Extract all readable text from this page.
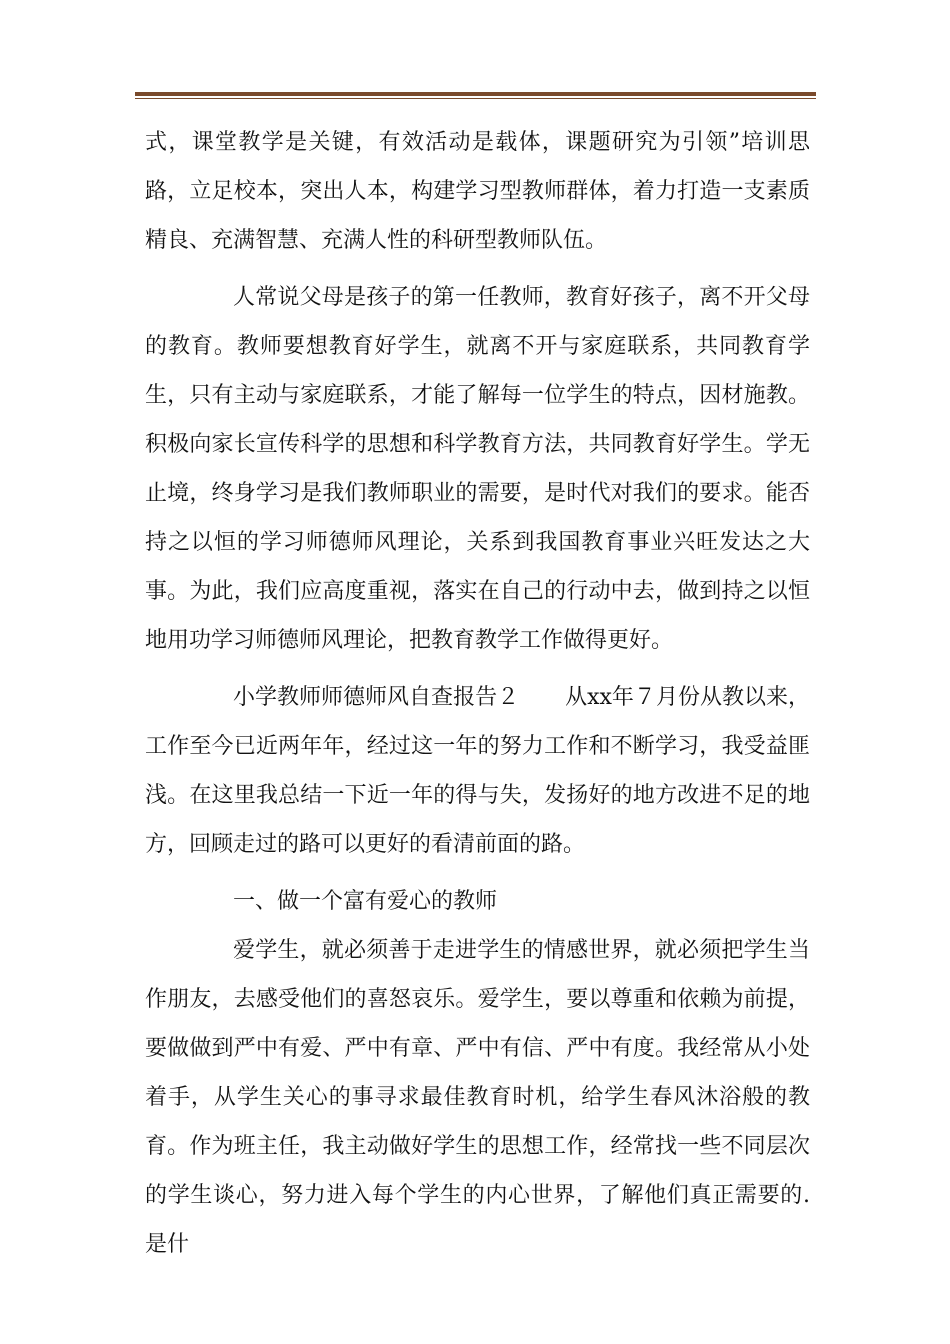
式，课堂教学是关键，有效活动是载体，课题研究为引领”培训思路，立足校本，突出人本，构建学习型教师群体，着力打造一支素质精良、充满智慧、充满人性的科研型教师队伍。

人常说父母是孩子的第一任教师，教育好孩子，离不开父母的教育。教师要想教育好学生，就离不开与家庭联系，共同教育学生，只有主动与家庭联系，才能了解每一位学生的特点，因材施教。积极向家长宣传科学的思想和科学教育方法，共同教育好学生。学无止境，终身学习是我们教师职业的需要，是时代对我们的要求。能否持之以恒的学习师德师风理论，关系到我国教育事业兴旺发达之大事。为此，我们应高度重视，落实在自己的行动中去，做到持之以恒地用功学习师德师风理论，把教育教学工作做得更好。

小学教师师德师风自查报告２ 从xx年７月份从教以来，工作至今已近两年年，经过这一年的努力工作和不断学习，我受益匪浅。在这里我总结一下近一年的得与失，发扬好的地方改进不足的地方，回顾走过的路可以更好的看清前面的路。

一、做一个富有爱心的教师

爱学生，就必须善于走进学生的情感世界，就必须把学生当作朋友，去感受他们的喜怒哀乐。爱学生，要以尊重和依赖为前提，要做做到严中有爱、严中有章、严中有信、严中有度。我经常从小处着手，从学生关心的事寻求最佳教育时机，给学生春风沐浴般的教育。作为班主任，我主动做好学生的思想工作，经常找一些不同层次的学生谈心，努力进入每个学生的内心世界，了解他们真正需要的.是什
